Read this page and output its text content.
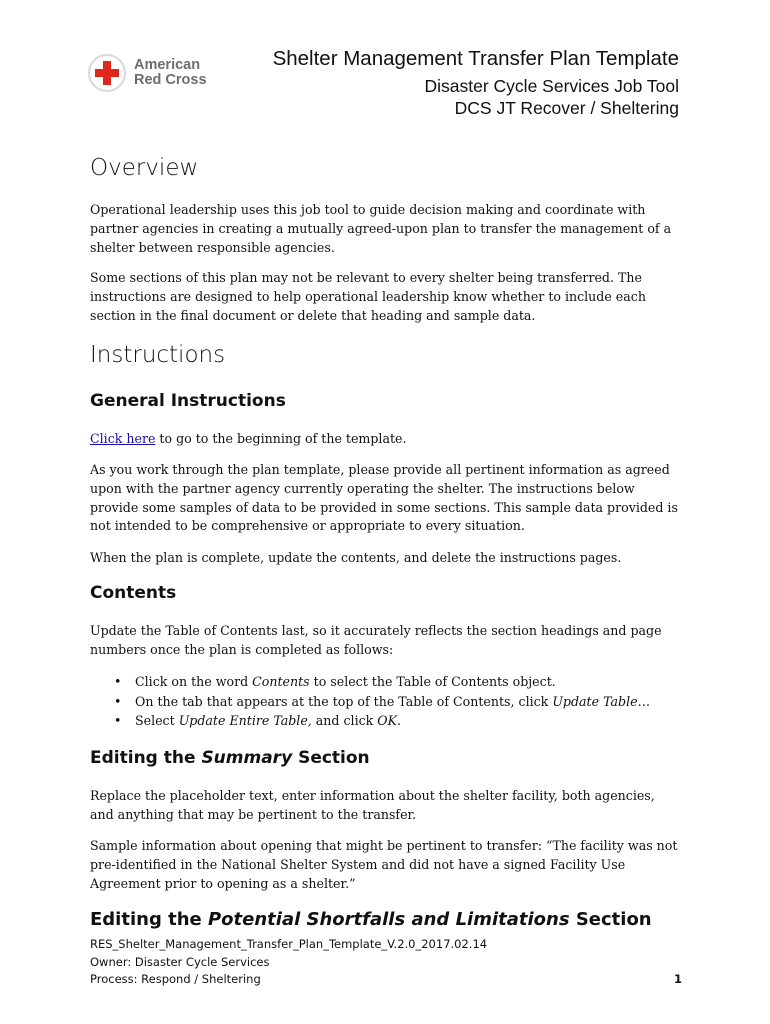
American
Red Cross
Shelter Management Transfer Plan Template
Disaster Cycle Services Job Tool
DCS JT Recover / Sheltering
Overview

Operational leadership uses this job tool to guide decision making and coordinate with partner agencies in creating a mutually agreed-upon plan to transfer the management of a shelter between responsible agencies.

Some sections of this plan may not be relevant to every shelter being transferred. The instructions are designed to help operational leadership know whether to include each section in the final document or delete that heading and sample data.

Instructions
General Instructions

Click here to go to the beginning of the template.

As you work through the plan template, please provide all pertinent information as agreed upon with the partner agency currently operating the shelter. The instructions below provide some samples of data to be provided in some sections. This sample data provided is not intended to be comprehensive or appropriate to every situation.

When the plan is complete, update the contents, and delete the instructions pages.

Contents

Update the Table of Contents last, so it accurately reflects the section headings and page numbers once the plan is completed as follows:

• Click on the word Contents to select the Table of Contents object.
• On the tab that appears at the top of the Table of Contents, click Update Table…
• Select Update Entire Table, and click OK.
Editing the Summary Section

Replace the placeholder text, enter information about the shelter facility, both agencies, and anything that may be pertinent to the transfer.

Sample information about opening that might be pertinent to transfer: “The facility was not pre-identified in the National Shelter System and did not have a signed Facility Use Agreement prior to opening as a shelter.”

Editing the Potential Shortfalls and Limitations Section
RES_Shelter_Management_Transfer_Plan_Template_V.2.0_2017.02.14
Owner: Disaster Cycle Services
Process: Respond / Sheltering	1
